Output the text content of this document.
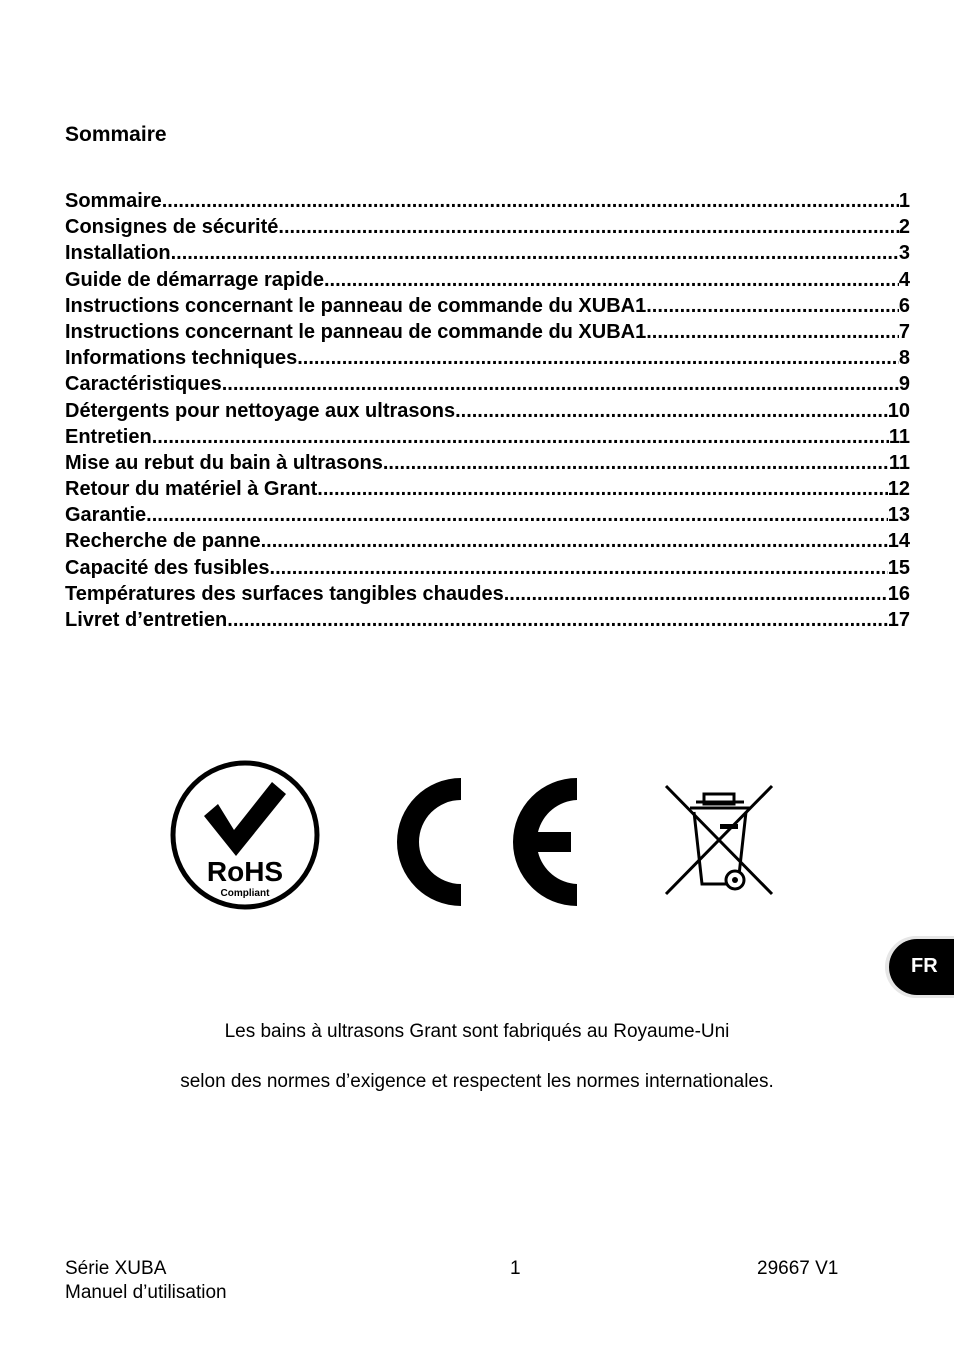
Sommaire
Sommaire .....	1
Consignes de sécurité .....	2
Installation .....	3
Guide de démarrage rapide .....	4
Instructions concernant le panneau de commande du XUBA1 .....	6
Instructions concernant le panneau de commande du XUBA1 .....	7
Informations techniques .....	8
Caractéristiques .....	9
Détergents pour nettoyage aux ultrasons .....	10
Entretien .....	11
Mise au rebut du bain à ultrasons .....	11
Retour du matériel à Grant .....	12
Garantie .....	13
Recherche de panne .....	14
Capacité des fusibles .....	15
Températures des surfaces tangibles chaudes .....	16
Livret d’entretien .....	17
RoHS
Compliant
FR

Les bains à ultrasons Grant sont fabriqués au Royaume-Uni

selon des normes d’exigence et respectent les normes internationales.

Série XUBA
Manuel d’utilisation
1	29667 V1
